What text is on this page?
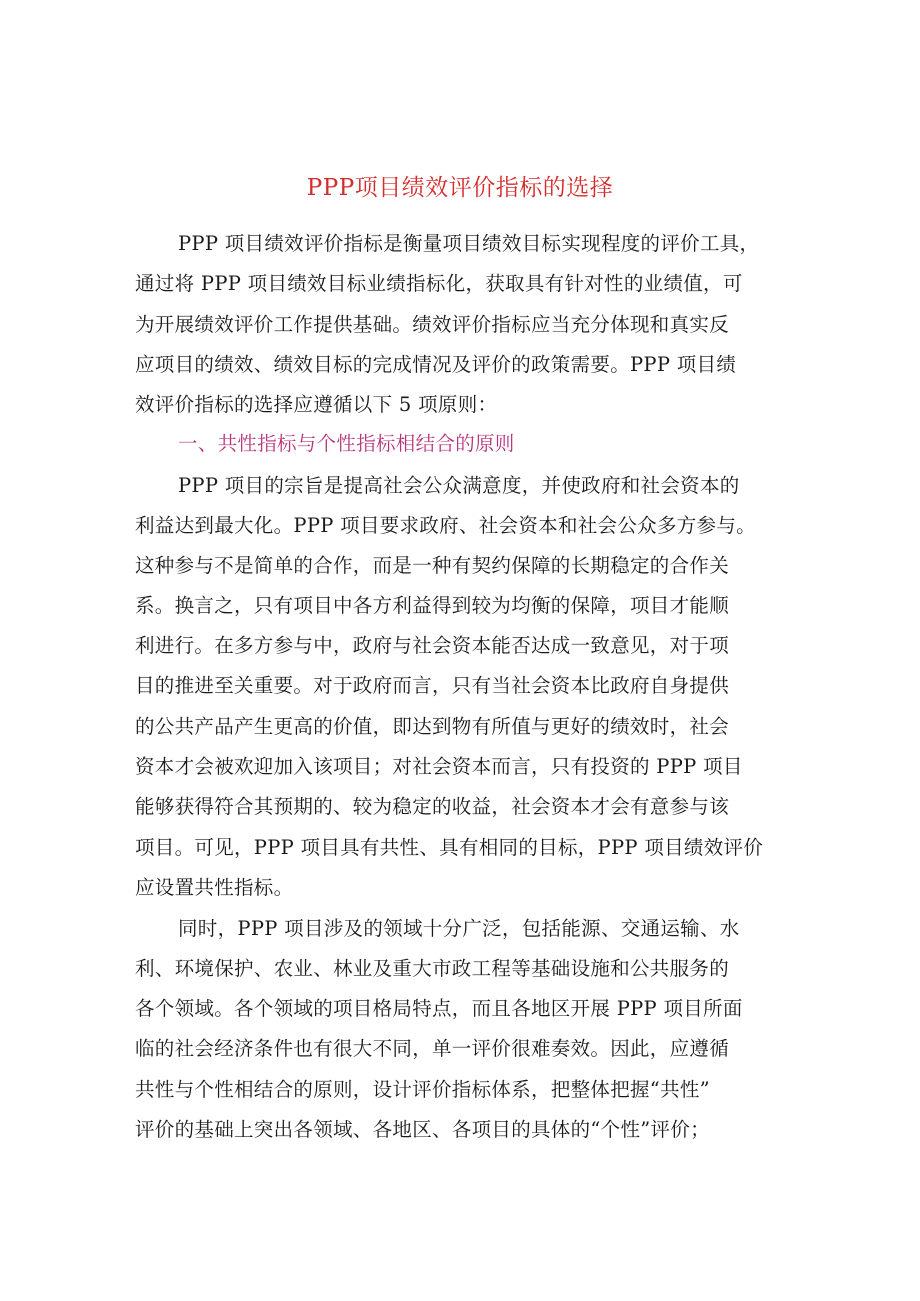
PPP项目绩效评价指标的选择
PPP 项目绩效评价指标是衡量项目绩效目标实现程度的评价工具，
通过将 PPP 项目绩效目标业绩指标化，获取具有针对性的业绩值，可
为开展绩效评价工作提供基础。绩效评价指标应当充分体现和真实反
应项目的绩效、绩效目标的完成情况及评价的政策需要。PPP 项目绩
效评价指标的选择应遵循以下 5 项原则：
一、共性指标与个性指标相结合的原则
PPP 项目的宗旨是提高社会公众满意度，并使政府和社会资本的
利益达到最大化。PPP 项目要求政府、社会资本和社会公众多方参与。
这种参与不是简单的合作，而是一种有契约保障的长期稳定的合作关
系。换言之，只有项目中各方利益得到较为均衡的保障，项目才能顺
利进行。在多方参与中，政府与社会资本能否达成一致意见，对于项
目的推进至关重要。对于政府而言，只有当社会资本比政府自身提供
的公共产品产生更高的价值，即达到物有所值与更好的绩效时，社会
资本才会被欢迎加入该项目；对社会资本而言，只有投资的 PPP 项目
能够获得符合其预期的、较为稳定的收益，社会资本才会有意参与该
项目。可见，PPP 项目具有共性、具有相同的目标，PPP 项目绩效评价
应设置共性指标。
同时，PPP 项目涉及的领域十分广泛，包括能源、交通运输、水
利、环境保护、农业、林业及重大市政工程等基础设施和公共服务的
各个领域。各个领域的项目格局特点，而且各地区开展 PPP 项目所面
临的社会经济条件也有很大不同，单一评价很难奏效。因此，应遵循
共性与个性相结合的原则，设计评价指标体系，把整体把握“共性”
评价的基础上突出各领域、各地区、各项目的具体的“个性”评价；
